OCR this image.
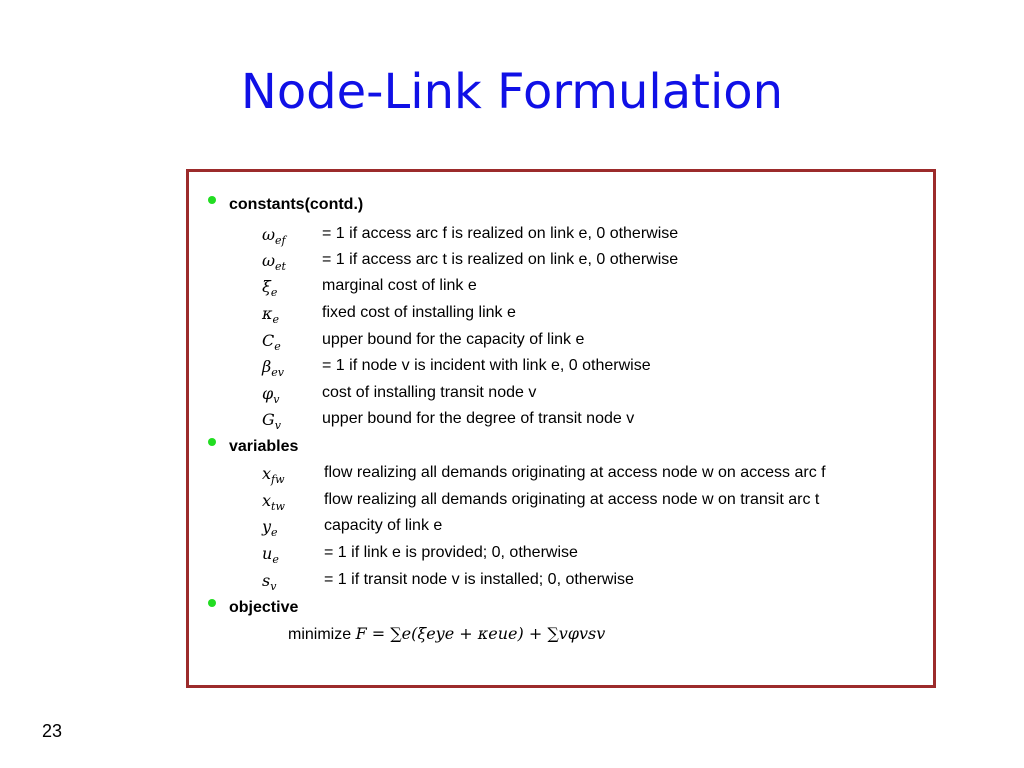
Node-Link Formulation
constants(contd.)
$\omega_{ef} = 1$ if access arc f is realized on link e, 0 otherwise
$\omega_{et} = 1$ if access arc t is realized on link e, 0 otherwise
$\xi_e$	marginal cost of link e
$\kappa_e$	fixed cost of installing link e
$C_e$	upper bound for the capacity of link e
$\beta_{ev} = 1$ if node v is incident with link e, 0 otherwise
$\varphi_v$	cost of installing transit node v
$G_v$	upper bound for the degree of transit node v
variables
$x_{fw}$ flow realizing all demands originating at access node w on access arc f
$x_{tw}$ flow realizing all demands originating at access node w on transit arc t
$y_e$	capacity of link e
$u_e$	= 1 if link e is provided; 0, otherwise
$s_v$	= 1 if transit node v is installed; 0, otherwise
objective
minimize F = ∑e(ξeye + κeue) + ∑vφvsv
23
